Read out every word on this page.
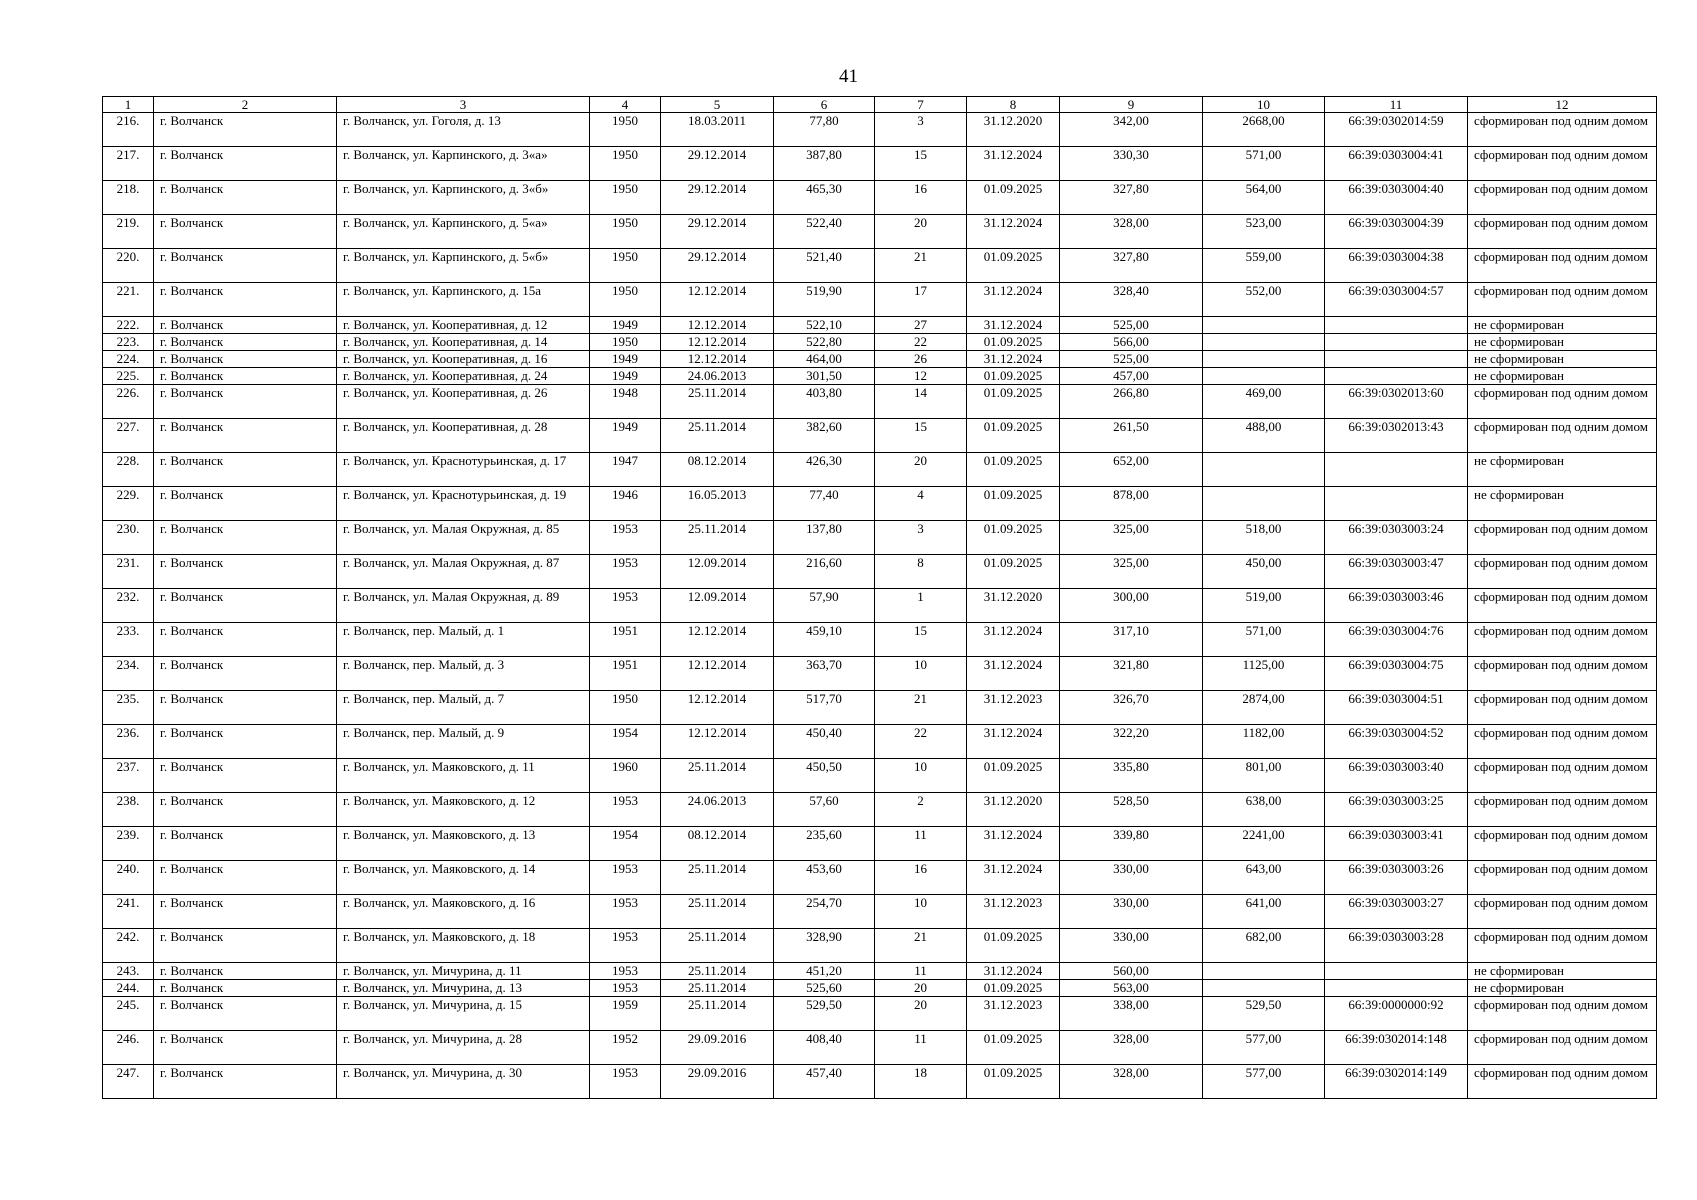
41
1	2	3	4	5	6	7	8	9	10	11	12
216.	г. Волчанск	г. Волчанск, ул. Гоголя, д. 13	1950	18.03.2011	77,80	3	31.12.2020	342,00	2668,00	66:39:0302014:59	сформирован под одним домом
217.	г. Волчанск	г. Волчанск, ул. Карпинского, д. 3«а»	1950	29.12.2014	387,80	15	31.12.2024	330,30	571,00	66:39:0303004:41	сформирован под одним домом
218.	г. Волчанск	г. Волчанск, ул. Карпинского, д. 3«б»	1950	29.12.2014	465,30	16	01.09.2025	327,80	564,00	66:39:0303004:40	сформирован под одним домом
219.	г. Волчанск	г. Волчанск, ул. Карпинского, д. 5«а»	1950	29.12.2014	522,40	20	31.12.2024	328,00	523,00	66:39:0303004:39	сформирован под одним домом
220.	г. Волчанск	г. Волчанск, ул. Карпинского, д. 5«б»	1950	29.12.2014	521,40	21	01.09.2025	327,80	559,00	66:39:0303004:38	сформирован под одним домом
221.	г. Волчанск	г. Волчанск, ул. Карпинского, д. 15а	1950	12.12.2014	519,90	17	31.12.2024	328,40	552,00	66:39:0303004:57	сформирован под одним домом
222.	г. Волчанск	г. Волчанск, ул. Кооперативная, д. 12	1949	12.12.2014	522,10	27	31.12.2024	525,00			не сформирован
223.	г. Волчанск	г. Волчанск, ул. Кооперативная, д. 14	1950	12.12.2014	522,80	22	01.09.2025	566,00			не сформирован
224.	г. Волчанск	г. Волчанск, ул. Кооперативная, д. 16	1949	12.12.2014	464,00	26	31.12.2024	525,00			не сформирован
225.	г. Волчанск	г. Волчанск, ул. Кооперативная, д. 24	1949	24.06.2013	301,50	12	01.09.2025	457,00			не сформирован
226.	г. Волчанск	г. Волчанск, ул. Кооперативная, д. 26	1948	25.11.2014	403,80	14	01.09.2025	266,80	469,00	66:39:0302013:60	сформирован под одним домом
227.	г. Волчанск	г. Волчанск, ул. Кооперативная, д. 28	1949	25.11.2014	382,60	15	01.09.2025	261,50	488,00	66:39:0302013:43	сформирован под одним домом
228.	г. Волчанск	г. Волчанск, ул. Краснотурьинская, д. 17	1947	08.12.2014	426,30	20	01.09.2025	652,00			не сформирован
229.	г. Волчанск	г. Волчанск, ул. Краснотурьинская, д. 19	1946	16.05.2013	77,40	4	01.09.2025	878,00			не сформирован
230.	г. Волчанск	г. Волчанск, ул. Малая Окружная, д. 85	1953	25.11.2014	137,80	3	01.09.2025	325,00	518,00	66:39:0303003:24	сформирован под одним домом
231.	г. Волчанск	г. Волчанск, ул. Малая Окружная, д. 87	1953	12.09.2014	216,60	8	01.09.2025	325,00	450,00	66:39:0303003:47	сформирован под одним домом
232.	г. Волчанск	г. Волчанск, ул. Малая Окружная, д. 89	1953	12.09.2014	57,90	1	31.12.2020	300,00	519,00	66:39:0303003:46	сформирован под одним домом
233.	г. Волчанск	г. Волчанск, пер. Малый, д. 1	1951	12.12.2014	459,10	15	31.12.2024	317,10	571,00	66:39:0303004:76	сформирован под одним домом
234.	г. Волчанск	г. Волчанск, пер. Малый, д. 3	1951	12.12.2014	363,70	10	31.12.2024	321,80	1125,00	66:39:0303004:75	сформирован под одним домом
235.	г. Волчанск	г. Волчанск, пер. Малый, д. 7	1950	12.12.2014	517,70	21	31.12.2023	326,70	2874,00	66:39:0303004:51	сформирован под одним домом
236.	г. Волчанск	г. Волчанск, пер. Малый, д. 9	1954	12.12.2014	450,40	22	31.12.2024	322,20	1182,00	66:39:0303004:52	сформирован под одним домом
237.	г. Волчанск	г. Волчанск, ул. Маяковского, д. 11	1960	25.11.2014	450,50	10	01.09.2025	335,80	801,00	66:39:0303003:40	сформирован под одним домом
238.	г. Волчанск	г. Волчанск, ул. Маяковского, д. 12	1953	24.06.2013	57,60	2	31.12.2020	528,50	638,00	66:39:0303003:25	сформирован под одним домом
239.	г. Волчанск	г. Волчанск, ул. Маяковского, д. 13	1954	08.12.2014	235,60	11	31.12.2024	339,80	2241,00	66:39:0303003:41	сформирован под одним домом
240.	г. Волчанск	г. Волчанск, ул. Маяковского, д. 14	1953	25.11.2014	453,60	16	31.12.2024	330,00	643,00	66:39:0303003:26	сформирован под одним домом
241.	г. Волчанск	г. Волчанск, ул. Маяковского, д. 16	1953	25.11.2014	254,70	10	31.12.2023	330,00	641,00	66:39:0303003:27	сформирован под одним домом
242.	г. Волчанск	г. Волчанск, ул. Маяковского, д. 18	1953	25.11.2014	328,90	21	01.09.2025	330,00	682,00	66:39:0303003:28	сформирован под одним домом
243.	г. Волчанск	г. Волчанск, ул. Мичурина, д. 11	1953	25.11.2014	451,20	11	31.12.2024	560,00			не сформирован
244.	г. Волчанск	г. Волчанск, ул. Мичурина, д. 13	1953	25.11.2014	525,60	20	01.09.2025	563,00			не сформирован
245.	г. Волчанск	г. Волчанск, ул. Мичурина, д. 15	1959	25.11.2014	529,50	20	31.12.2023	338,00	529,50	66:39:0000000:92	сформирован под одним домом
246.	г. Волчанск	г. Волчанск, ул. Мичурина, д. 28	1952	29.09.2016	408,40	11	01.09.2025	328,00	577,00	66:39:0302014:148	сформирован под одним домом
247.	г. Волчанск	г. Волчанск, ул. Мичурина, д. 30	1953	29.09.2016	457,40	18	01.09.2025	328,00	577,00	66:39:0302014:149	сформирован под одним домом
